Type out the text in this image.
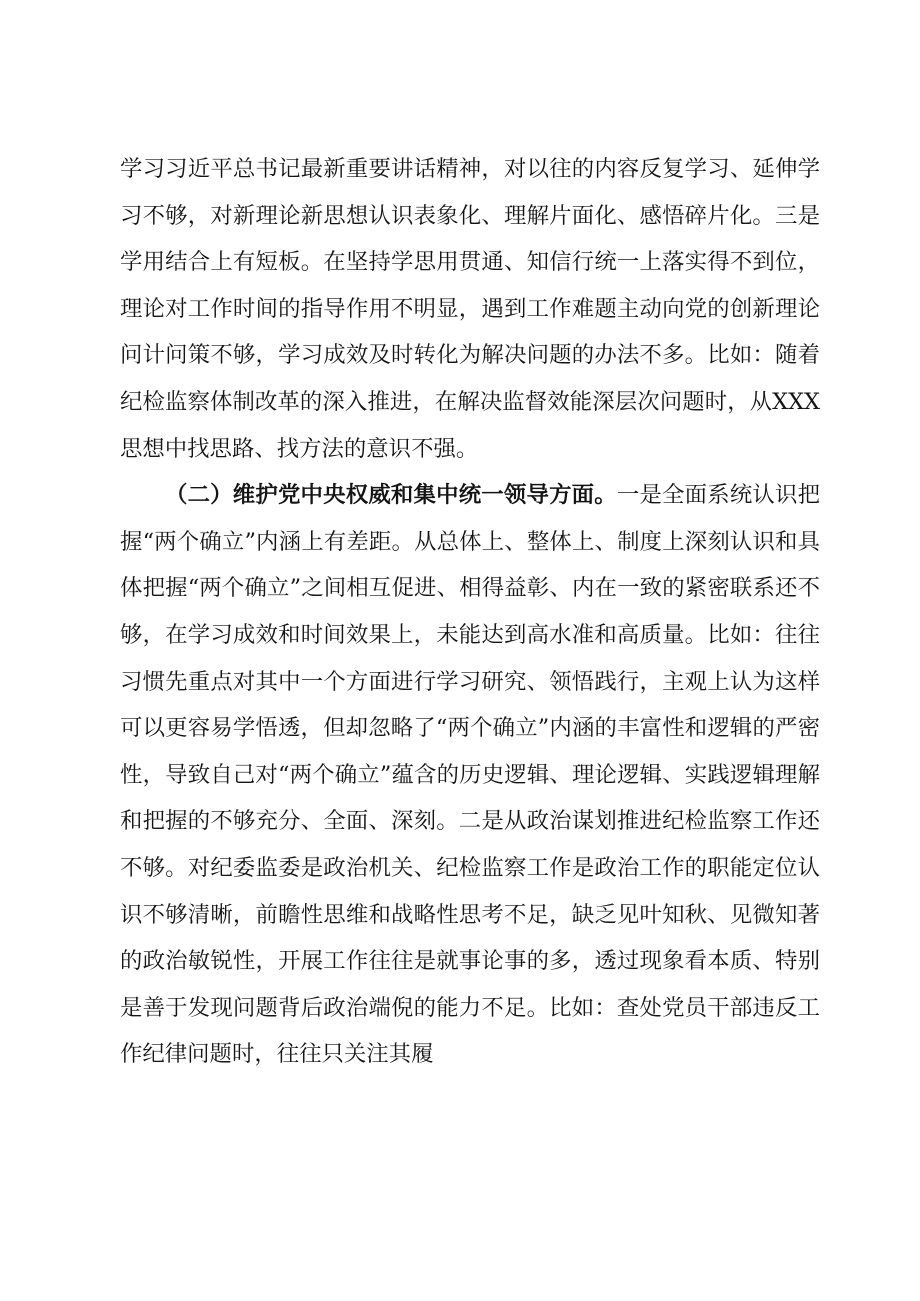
学习习近平总书记最新重要讲话精神，对以往的内容反复学习、延伸学习不够，对新理论新思想认识表象化、理解片面化、感悟碎片化。三是学用结合上有短板。在坚持学思用贯通、知信行统一上落实得不到位，理论对工作时间的指导作用不明显，遇到工作难题主动向党的创新理论问计问策不够，学习成效及时转化为解决问题的办法不多。比如：随着纪检监察体制改革的深入推进，在解决监督效能深层次问题时，从XXX思想中找思路、找方法的意识不强。

（二）维护党中央权威和集中统一领导方面。一是全面系统认识把握“两个确立”内涵上有差距。从总体上、整体上、制度上深刻认识和具体把握“两个确立”之间相互促进、相得益彰、内在一致的紧密联系还不够，在学习成效和时间效果上，未能达到高水准和高质量。比如：往往习惯先重点对其中一个方面进行学习研究、领悟践行，主观上认为这样可以更容易学悟透，但却忽略了“两个确立”内涵的丰富性和逻辑的严密性，导致自己对“两个确立”蕴含的历史逻辑、理论逻辑、实践逻辑理解和把握的不够充分、全面、深刻。二是从政治谋划推进纪检监察工作还不够。对纪委监委是政治机关、纪检监察工作是政治工作的职能定位认识不够清晰，前瞻性思维和战略性思考不足，缺乏见叶知秋、见微知著的政治敏锐性，开展工作往往是就事论事的多，透过现象看本质、特别是善于发现问题背后政治端倪的能力不足。比如：查处党员干部违反工作纪律问题时，往往只关注其履
